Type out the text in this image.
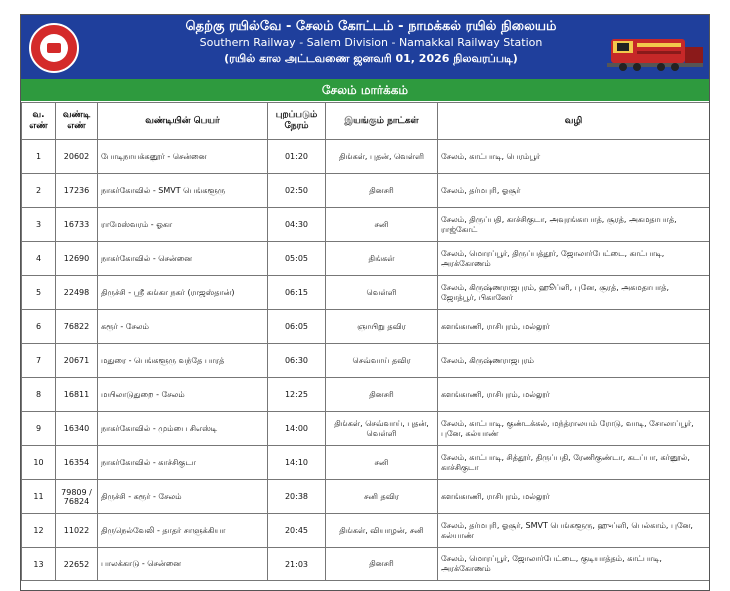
தெற்கு ரயில்வே - சேலம் கோட்டம் - நாமக்கல் ரயில் நிலையம்
Southern Railway - Salem Division - Namakkal Railway Station
(ரயில் கால அட்டவணை ஜனவரி 01, 2026 நிலவரப்படி)
சேலம் மார்க்கம்
வ. எண்	வண்டி எண்	வண்டியின் பெயர்	புறப்படும் நேரம்	இயங்கும் நாட்கள்	வழி
1	20602	போடிநாயக்கனூர் - சென்னை	01:20	திங்கள், புதன், வெள்ளி	சேலம், காட்பாடி, பெரம்பூர்
2	17236	நாகர்கோவில் - SMVT பெங்களூரு	02:50	தினசரி	சேலம், தர்மபுரி, ஓசூர்
3	16733	ராமேஸ்வரம் - ஓகா	04:30	சனி	சேலம், திருப்பதி, காச்சிகுடா, அவுரங்காபாத், சூரத், அகமதாபாத், ராஜ்கோட்
4	12690	நாகர்கோவில் - சென்னை	05:05	திங்கள்	சேலம், மொரப்பூர், திருப்பத்தூர், ஜோலார்பேட்டை, காட்பாடி, அரக்கோணம்
5	22498	திருச்சி - ஸ்ரீ கங்கா நகர் (ராஜஸ்தான்)	06:15	வெள்ளி	சேலம், கிருஷ்ணராஜபுரம், ஹூப்ளி, புனே, சூரத், அகமதாபாத், ஜோத்பூர், பிகானேர்
6	76822	கரூர் - சேலம்	06:05	ஞாயிறு தவிர	களங்காணி, ராசிபுரம், மல்லூர்
7	20671	மதுரை - பெங்களூரு வந்தே பாரத்	06:30	செவ்வாய் தவிர	சேலம், கிருஷ்ணராஜபுரம்
8	16811	மயிலாடுதுறை - சேலம்	12:25	தினசரி	களங்காணி, ராசிபுரம், மல்லூர்
9	16340	நாகர்கோவில் - மும்பை சிஎஸ்டி	14:00	திங்கள், செவ்வாய், புதன், வெள்ளி	சேலம், காட்பாடி, குண்டக்கல், மந்த்ராலயம் ரோடு, வாடி, சோலாப்பூர், புனே, கல்யாண்
10	16354	நாகர்கோவில் - காச்சிகுடா	14:10	சனி	சேலம், காட்பாடி, சித்தூர், திருப்பதி, ரேணிகுண்டா, கடப்பா, கர்னூல், காச்சிகுடா
11	79809 / 76824	திருச்சி - கரூர் - சேலம்	20:38	சனி தவிர	களங்காணி, ராசிபுரம், மல்லூர்
12	11022	திருநெல்வேலி - தாதர் சாளுக்கியா	20:45	திங்கள், வியாழன், சனி	சேலம், தர்மபுரி, ஓசூர், SMVT பெங்களூரு, ஹுப்ளி, பெல்காம், புனே, கல்யாண்
13	22652	பாலக்காடு - சென்னை	21:03	தினசரி	சேலம், மொரப்பூர், ஜோலார்பேட்டை, குடியாத்தம், காட்பாடி, அரக்கோணம்
